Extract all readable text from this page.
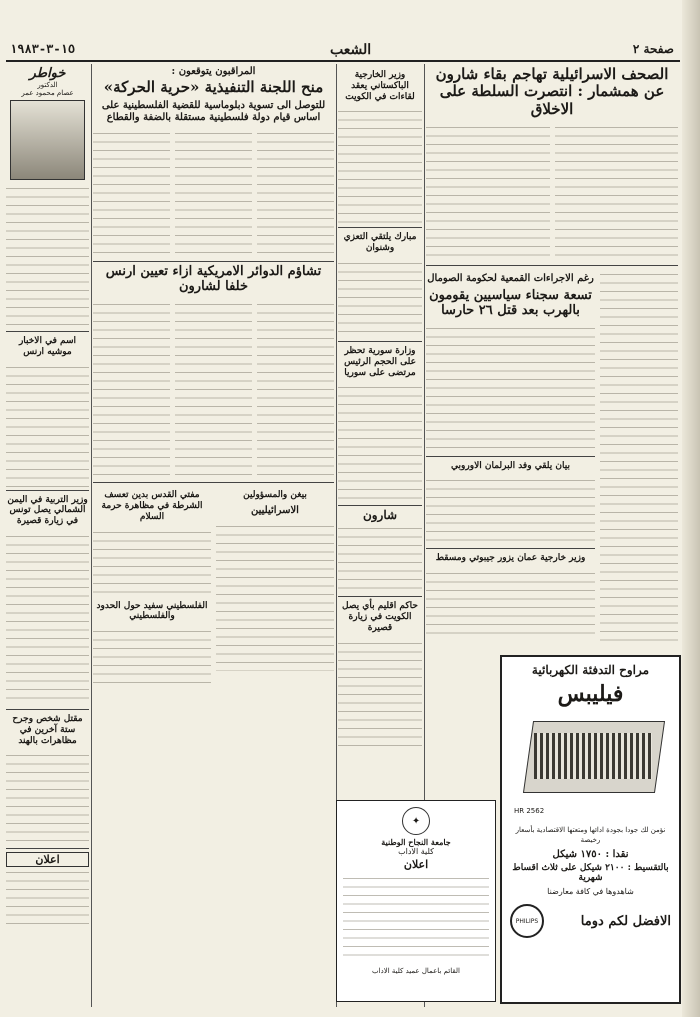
صفحة ٢
الشعب
١٥-٣-١٩٨٣
الصحف الاسرائيلية تهاجم بقاء شارون عن همشمار : انتصرت السلطة على الاخلاق
رغم الاجراءات القمعية لحكومة الصومال
تسعة سجناء سياسيين يقومون بالهرب بعد قتل ٢٦ حارسا
بيان يلقي وفد البرلمان الاوروبي
وزير خارجية عمان يزور جيبوتي ومسقط
وزير الخارجية الباكستاني يعقد لقاءات في الكويت
مبارك يلتقي التعزي وشنوان
وزارة سورية تحظر على الحجم الرئيس مرتضى على سوريا
شارون
حاكم اقليم بأي يصل الكويت في زيارة قصيرة
المراقبون يتوقعون :
منح اللجنة التنفيذية «حرية الحركة»
للتوصل الى تسوية دبلوماسية للقضية الفلسطينية على اساس قيام دولة فلسطينية مستقلة بالضفة والقطاع
تشاؤم الدوائر الامريكية ازاء تعيين ارنس خلفا لشارون
بيغن والمسؤولين
الاسرائيليين
مفتي القدس بدين تعسف الشرطة في مظاهرة حرمة السلام
الفلسطيني سفيد حول الحدود والفلسطيني
خواطر
الدكتور
عصام محمود عمر
اسم في الاخبار موشيه ارنس
وزير التربية في اليمن الشمالي يصل تونس في زيارة قصيرة
مقتل شخص وجرح ستة آخرين في مظاهرات بالهند
اعلان
مراوح التدفئة الكهربائية
فيليبس
HR 2562
نؤمن لك جودا بجودة ادائها ومتعتها الاقتصادية بأسعار رخيصة
نقدا : ١٧٥٠ شيكل
بالتقسيط : ٢١٠٠ شيكل على ثلاث اقساط شهرية
شاهدوها في كافة معارضنا
الافضل لكم دوما
PHILIPS
✦
جامعة النجاح الوطنية
كلية الاداب
اعلان
القائم باعمال عميد كلية الاداب
